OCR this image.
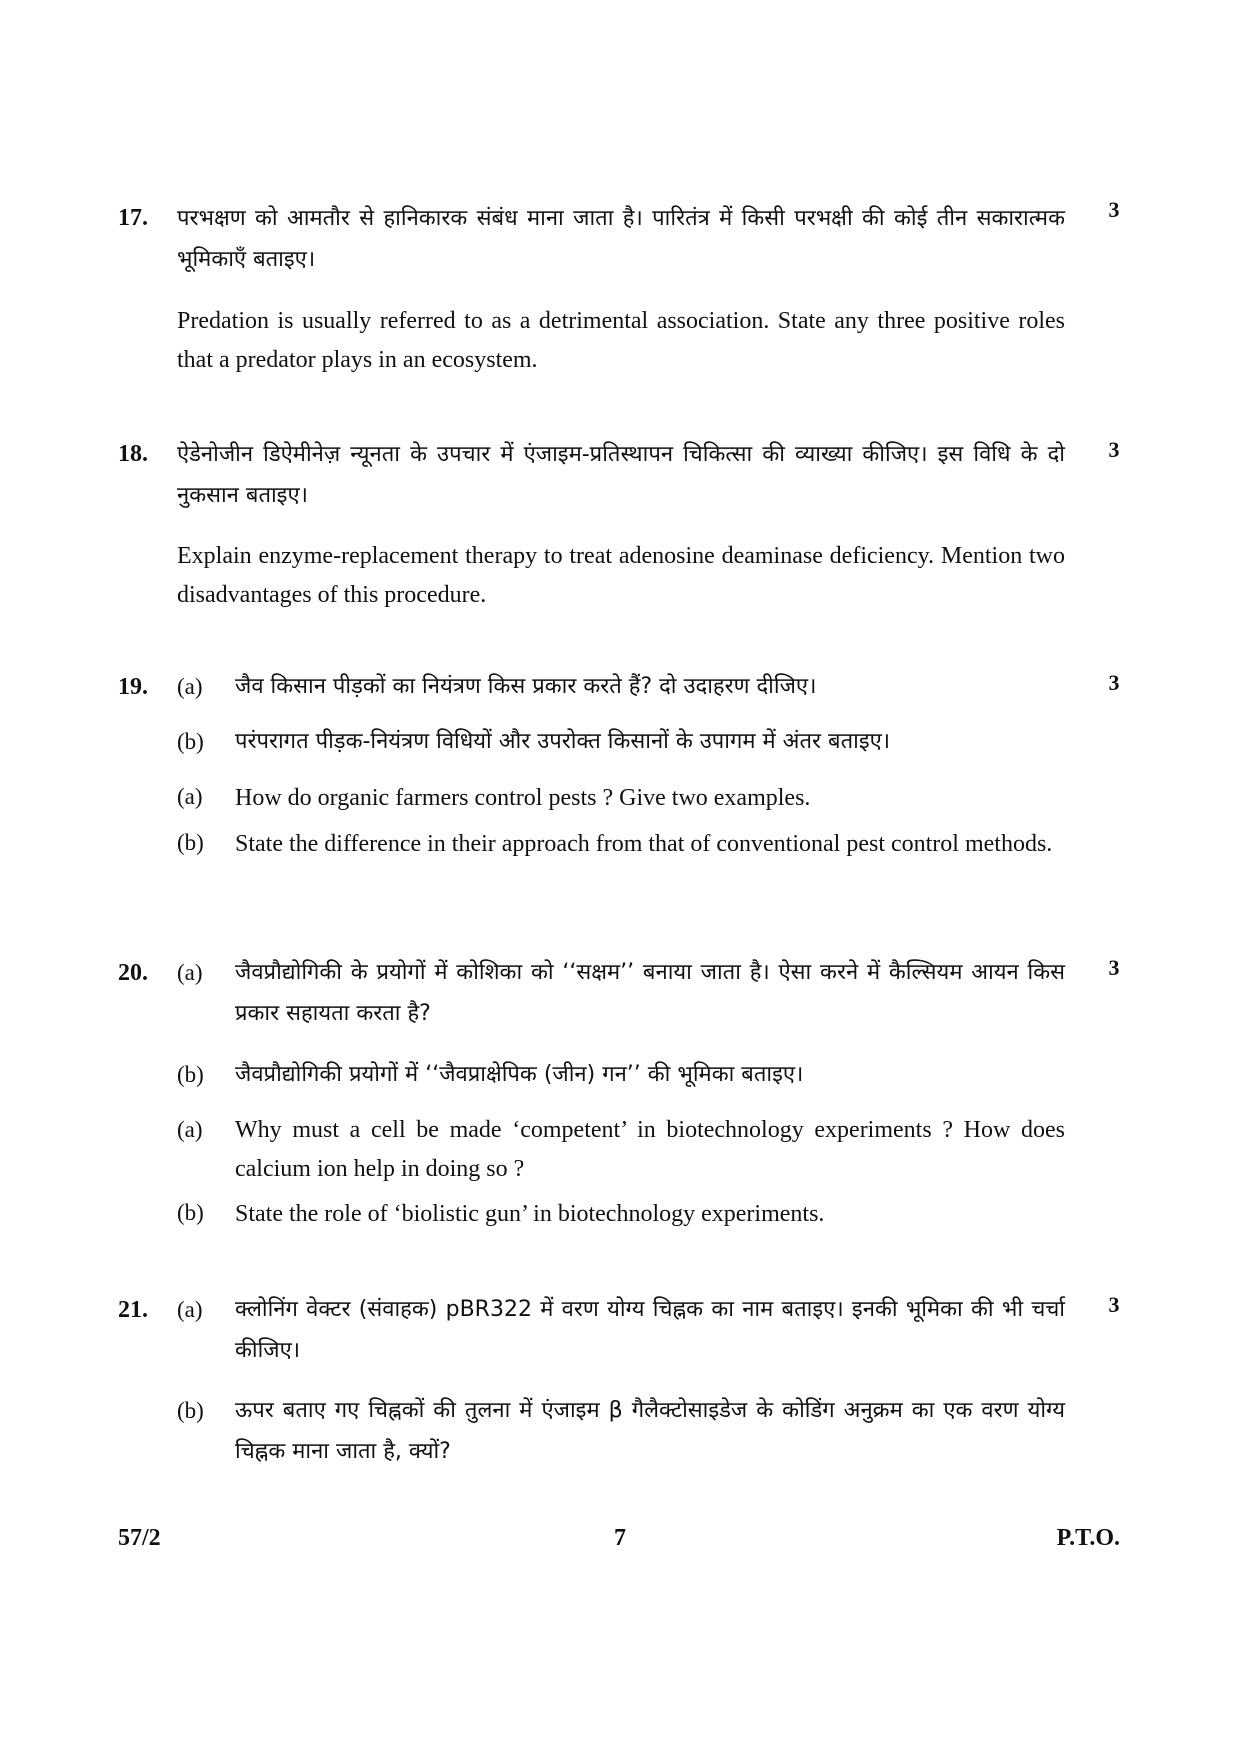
17.	3
परभक्षण को आमतौर से हानिकारक संबंध माना जाता है। पारितंत्र में किसी परभक्षी की कोई तीन सकारात्मक भूमिकाएँ बताइए।
Predation is usually referred to as a detrimental association. State any three positive roles that a predator plays in an ecosystem.
18.	3
ऐडेनोजीन डिऐमीनेज़ न्यूनता के उपचार में एंजाइम-प्रतिस्थापन चिकित्सा की व्याख्या कीजिए। इस विधि के दो नुकसान बताइए।
Explain enzyme-replacement therapy to treat adenosine deaminase deficiency. Mention two disadvantages of this procedure.
19.	3
(a) जैव किसान पीड़कों का नियंत्रण किस प्रकार करते हैं? दो उदाहरण दीजिए।
(b) परंपरागत पीड़क-नियंत्रण विधियों और उपरोक्त किसानों के उपागम में अंतर बताइए।
(a) How do organic farmers control pests ? Give two examples.
(b) State the difference in their approach from that of conventional pest control methods.
20.	3
(a) जैवप्रौद्योगिकी के प्रयोगों में कोशिका को ‘‘सक्षम’’ बनाया जाता है। ऐसा करने में कैल्सियम आयन किस प्रकार सहायता करता है?
(b) जैवप्रौद्योगिकी प्रयोगों में ‘‘जैवप्राक्षेपिक (जीन) गन’’ की भूमिका बताइए।
(a) Why must a cell be made ‘competent’ in biotechnology experiments ? How does calcium ion help in doing so ?
(b) State the role of ‘biolistic gun’ in biotechnology experiments.
21.	3
(a) क्लोनिंग वेक्टर (संवाहक) pBR322 में वरण योग्य चिह्नक का नाम बताइए। इनकी भूमिका की भी चर्चा कीजिए।
(b) ऊपर बताए गए चिह्नकों की तुलना में एंजाइम β गैलैक्टोसाइडेज के कोडिंग अनुक्रम का एक वरण योग्य चिह्नक माना जाता है, क्यों?
57/2	7	P.T.O.
